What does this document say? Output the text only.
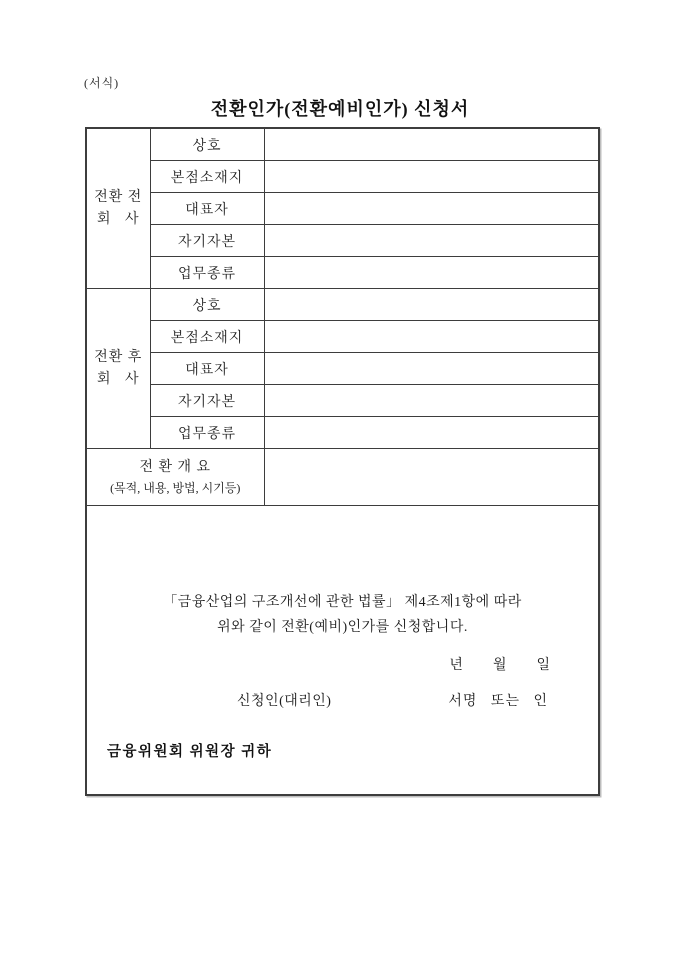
(서식)
전환인가(전환예비인가) 신청서
전환 전
회   사	상호	
	본점소재지	
	대표자	
	자기자본	
	업무종류	

전환 후
회   사	상호	
	본점소재지	
	대표자	
	자기자본	
	업무종류	

전 환 개 요
(목적, 내용, 방법, 시기등)		

「금융산업의 구조개선에 관한 법률」 제4조제1항에 따라
위와 같이 전환(예비)인가를 신청합니다.
년 월 일
신청인(대리인)	서명 또는 인
금융위원회 위원장 귀하
